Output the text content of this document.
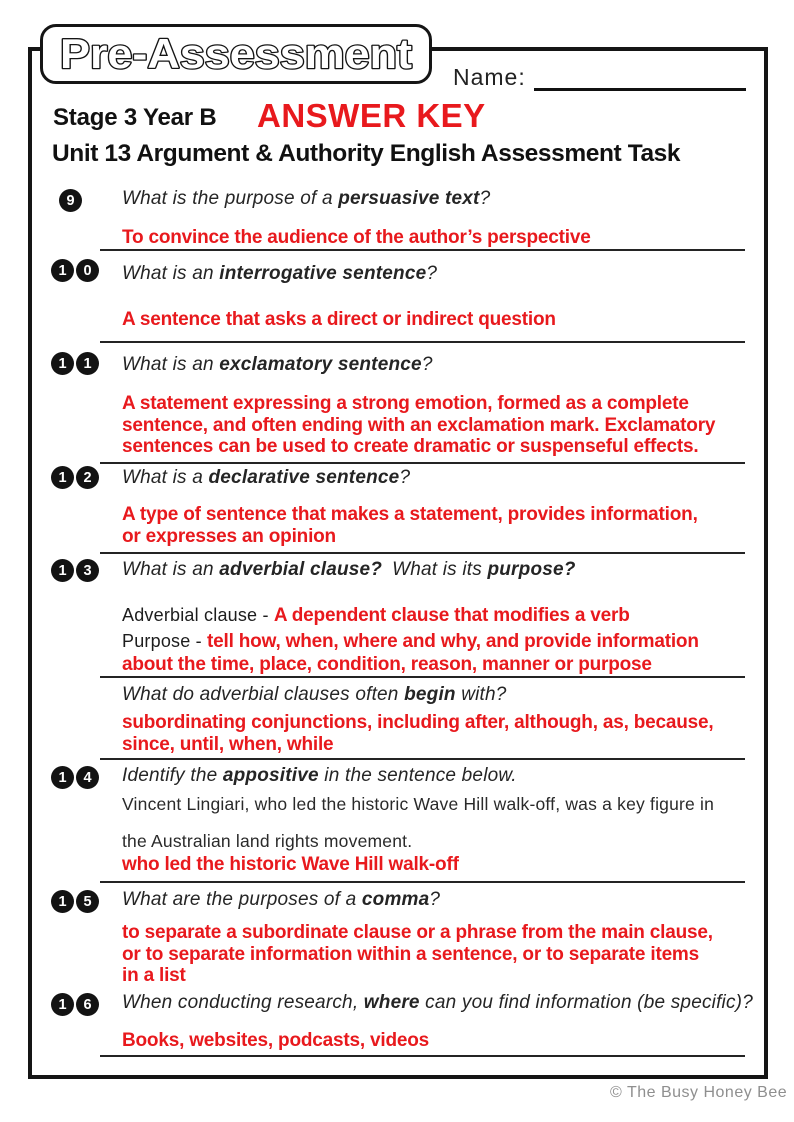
Pre-Assessment Name:
Stage 3 Year B ANSWER KEY
Unit 13 Argument & Authority English Assessment Task
9	What is the purpose of a persuasive text?
To convince the audience of the author’s perspective
1	0	What is an interrogative sentence?
A sentence that asks a direct or indirect question
1	1	What is an exclamatory sentence?
A statement expressing a strong emotion, formed as a complete
sentence, and often ending with an exclamation mark. Exclamatory
sentences can be used to create dramatic or suspenseful effects.
1	2	What is a declarative sentence?
A type of sentence that makes a statement, provides information,
or expresses an opinion
1	3	What is an adverbial clause? What is its purpose?
Adverbial clause - A dependent clause that modifies a verb
Purpose - tell how, when, where and why, and provide information
about the time, place, condition, reason, manner or purpose
What do adverbial clauses often begin with?
subordinating conjunctions, including after, although, as, because,
since, until, when, while
1	4	Identify the appositive in the sentence below.
Vincent Lingiari, who led the historic Wave Hill walk-off, was a key figure in
the Australian land rights movement.
who led the historic Wave Hill walk-off
1	5	What are the purposes of a comma?
to separate a subordinate clause or a phrase from the main clause,
or to separate information within a sentence, or to separate items
in a list
1	6	When conducting research, where can you find information (be specific)?
Books, websites, podcasts, videos
© The Busy Honey Bee
